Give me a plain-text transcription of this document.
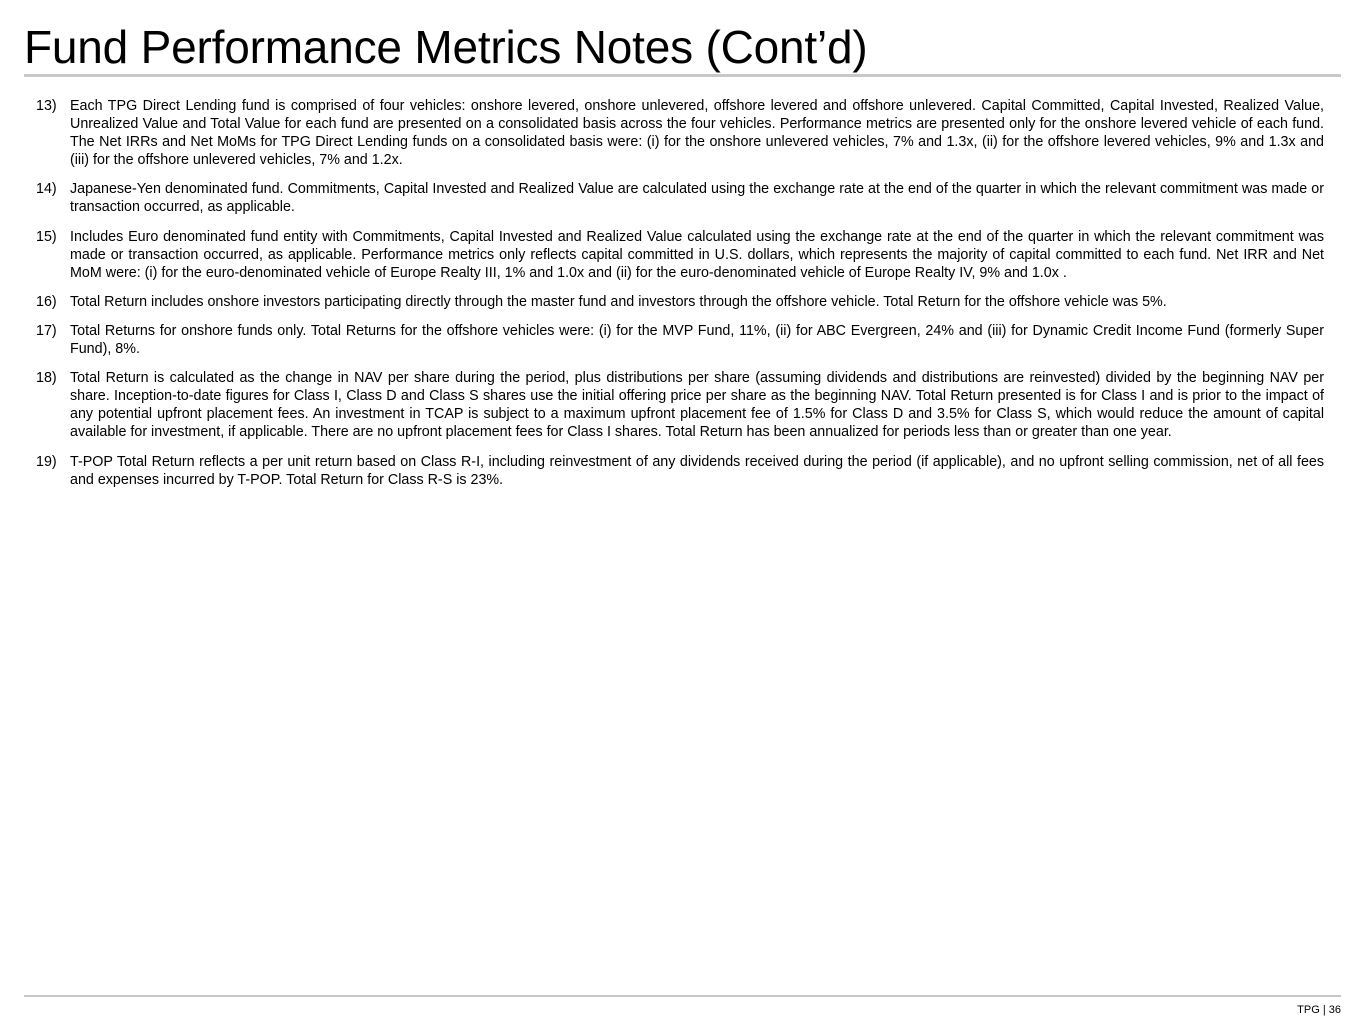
Fund Performance Metrics Notes (Cont’d)
13) Each TPG Direct Lending fund is comprised of four vehicles: onshore levered, onshore unlevered, offshore levered and offshore unlevered. Capital Committed, Capital Invested, Realized Value, Unrealized Value and Total Value for each fund are presented on a consolidated basis across the four vehicles. Performance metrics are presented only for the onshore levered vehicle of each fund. The Net IRRs and Net MoMs for TPG Direct Lending funds on a consolidated basis were: (i) for the onshore unlevered vehicles, 7% and 1.3x, (ii) for the offshore levered vehicles, 9% and 1.3x and (iii) for the offshore unlevered vehicles, 7% and 1.2x.
14) Japanese-Yen denominated fund. Commitments, Capital Invested and Realized Value are calculated using the exchange rate at the end of the quarter in which the relevant commitment was made or transaction occurred, as applicable.
15) Includes Euro denominated fund entity with Commitments, Capital Invested and Realized Value calculated using the exchange rate at the end of the quarter in which the relevant commitment was made or transaction occurred, as applicable. Performance metrics only reflects capital committed in U.S. dollars, which represents the majority of capital committed to each fund. Net IRR and Net MoM were: (i) for the euro-denominated vehicle of Europe Realty III, 1% and 1.0x and (ii) for the euro-denominated vehicle of Europe Realty IV, 9% and 1.0x .
16) Total Return includes onshore investors participating directly through the master fund and investors through the offshore vehicle. Total Return for the offshore vehicle was 5%.
17) Total Returns for onshore funds only. Total Returns for the offshore vehicles were: (i) for the MVP Fund, 11%, (ii) for ABC Evergreen, 24% and (iii) for Dynamic Credit Income Fund (formerly Super Fund), 8%.
18) Total Return is calculated as the change in NAV per share during the period, plus distributions per share (assuming dividends and distributions are reinvested) divided by the beginning NAV per share. Inception-to-date figures for Class I, Class D and Class S shares use the initial offering price per share as the beginning NAV. Total Return presented is for Class I and is prior to the impact of any potential upfront placement fees. An investment in TCAP is subject to a maximum upfront placement fee of 1.5% for Class D and 3.5% for Class S, which would reduce the amount of capital available for investment, if applicable. There are no upfront placement fees for Class I shares. Total Return has been annualized for periods less than or greater than one year.
19) T-POP Total Return reflects a per unit return based on Class R-I, including reinvestment of any dividends received during the period (if applicable), and no upfront selling commission, net of all fees and expenses incurred by T-POP. Total Return for Class R-S is 23%.
TPG | 36
